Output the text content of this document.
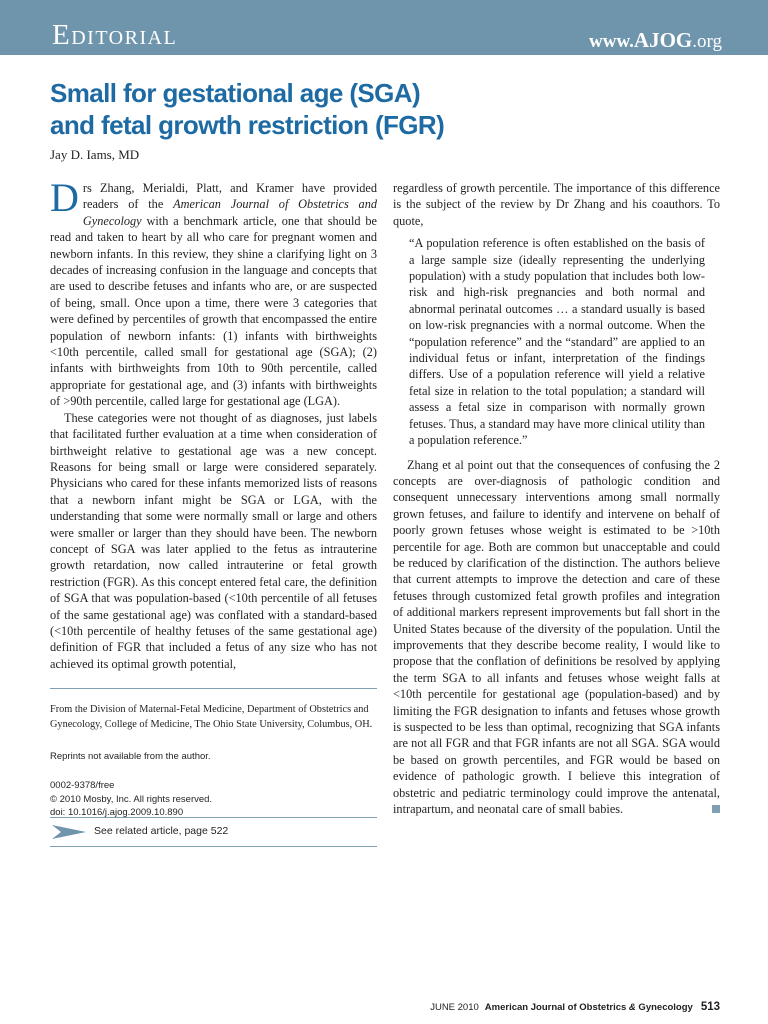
Editorial	www.AJOG.org
Small for gestational age (SGA) and fetal growth restriction (FGR)
Jay D. Iams, MD

Drs Zhang, Merialdi, Platt, and Kramer have provided readers of the American Journal of Obstetrics and Gynecology with a benchmark article, one that should be read and taken to heart by all who care for pregnant women and newborn infants. In this review, they shine a clarifying light on 3 decades of increasing confusion in the language and concepts that are used to describe fetuses and infants who are, or are suspected of being, small. Once upon a time, there were 3 categories that were defined by percentiles of growth that encompassed the entire population of newborn infants: (1) infants with birthweights <10th percentile, called small for gestational age (SGA); (2) infants with birthweights from 10th to 90th percentile, called appropriate for gestational age, and (3) infants with birthweights of >90th percentile, called large for gestational age (LGA).

These categories were not thought of as diagnoses, just labels that facilitated further evaluation at a time when consideration of birthweight relative to gestational age was a new concept. Reasons for being small or large were considered separately. Physicians who cared for these infants memorized lists of reasons that a newborn infant might be SGA or LGA, with the understanding that some were normally small or large and others were smaller or larger than they should have been. The newborn concept of SGA was later applied to the fetus as intrauterine growth retardation, now called intrauterine or fetal growth restriction (FGR). As this concept entered fetal care, the definition of SGA that was population-based (<10th percentile of all fetuses of the same gestational age) was conflated with a standard-based (<10th percentile of healthy fetuses of the same gestational age) definition of FGR that included a fetus of any size who has not achieved its optimal growth potential,

regardless of growth percentile. The importance of this difference is the subject of the review by Dr Zhang and his coauthors. To quote,

“A population reference is often established on the basis of a large sample size (ideally representing the underlying population) with a study population that includes both low-risk and high-risk pregnancies and both normal and abnormal perinatal outcomes … a standard usually is based on low-risk pregnancies with a normal outcome. When the “population reference” and the “standard” are applied to an individual fetus or infant, interpretation of the findings differs. Use of a population reference will yield a relative fetal size in relation to the total population; a standard will assess a fetal size in comparison with normally grown fetuses. Thus, a standard may have more clinical utility than a population reference.”

Zhang et al point out that the consequences of confusing the 2 concepts are over-diagnosis of pathologic condition and consequent unnecessary interventions among small normally grown fetuses, and failure to identify and intervene on behalf of poorly grown fetuses whose weight is estimated to be >10th percentile for age. Both are common but unacceptable and could be reduced by clarification of the distinction. The authors believe that current attempts to improve the detection and care of these fetuses through customized fetal growth profiles and integration of additional markers represent improvements but fall short in the United States because of the diversity of the population. Until the improvements that they describe become reality, I would like to propose that the conflation of definitions be resolved by applying the term SGA to all infants and fetuses whose weight falls at <10th percentile for gestational age (population-based) and by limiting the FGR designation to infants and fetuses whose growth is suspected to be less than optimal, recognizing that SGA infants are not all FGR and that FGR infants are not all SGA. SGA would be based on growth percentiles, and FGR would be based on evidence of pathologic growth. I believe this integration of obstetric and pediatric terminology could improve the antenatal, intrapartum, and neonatal care of small babies.

From the Division of Maternal-Fetal Medicine, Department of Obstetrics and Gynecology, College of Medicine, The Ohio State University, Columbus, OH.
Reprints not available from the author.
0002-9378/free
© 2010 Mosby, Inc. All rights reserved.
doi: 10.1016/j.ajog.2009.10.890
See related article, page 522
JUNE 2010 American Journal of Obstetrics & Gynecology 513
